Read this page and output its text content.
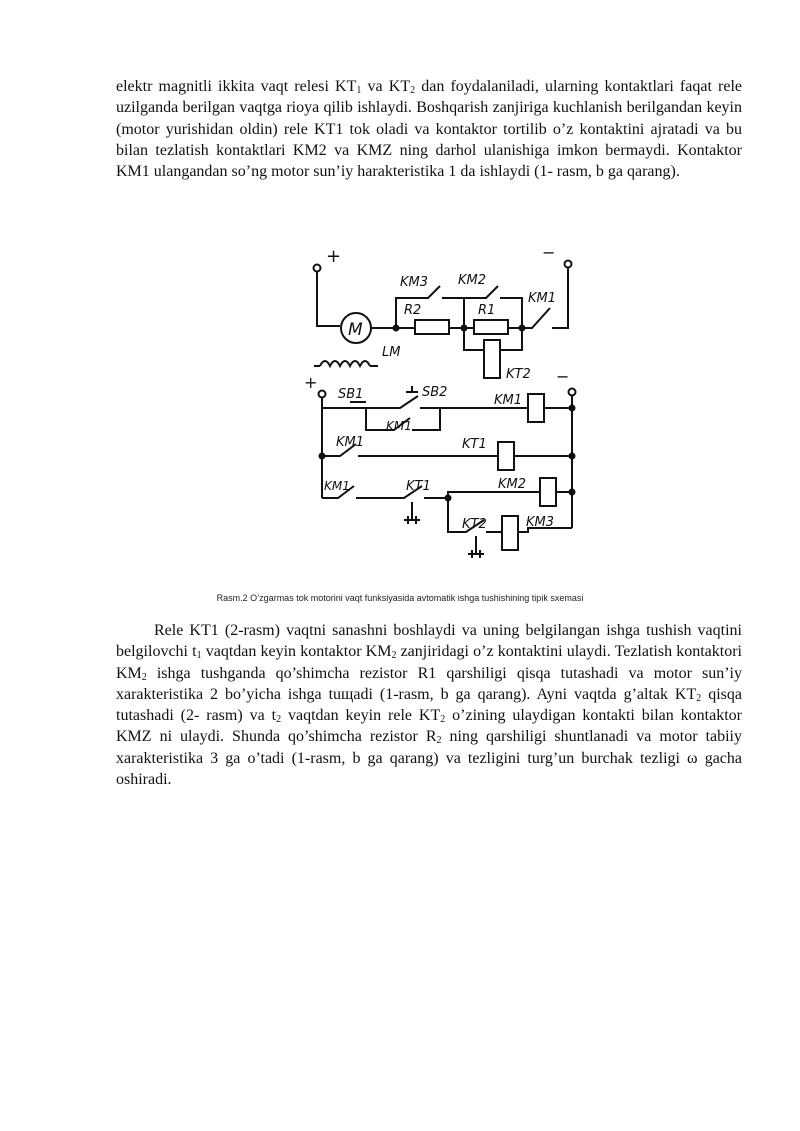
elektr magnitli ikkita vaqt relesi $KT_1$ va $KT_2$ dan foydalaniladi, ularning kontaktlari faqat rele uzilganda berilgan vaqtga rioya qilib ishlaydi. Boshqarish zanjiriga kuchlanish berilgandan keyin (motor yurishidan oldin) rele KT1 tok oladi va kontaktor tortilib o’z kontaktini ajratadi va bu bilan tezlatish kontaktlari KM2 va KMZ ning darhol ulanishiga imkon bermaydi. Kontaktor KM1 ulangandan so’ng motor sun’iy harakteristika 1 da ishlaydi (1- rasm, b ga qarang).
+	−
M
R2	R1
KM1
KM3 KM2
KT2
LM
+	−
SB1	SB2
KM1
KM1
KM1	KT1
KM1	KT1	KM2
KT2	KM3
Rasm.2 O’zgarmas tok motorini vaqt funksiyasida avtomatik ishga tushishining tipik sxemasi
Rele KT1 (2-rasm) vaqtni sanashni boshlaydi va uning belgilangan ishga tushish vaqtini belgilovchi $t_1$ vaqtdan keyin kontaktor $KM_2$ zanjiridagi o’z kontaktini ulaydi. Tezlatish kontaktori $KM_2$ ishga tushganda qo’shimcha rezistor R1 qarshiligi qisqa tutashadi va motor sun’iy xarakteristika 2 bo’yicha ishga tuщadi (1-rasm, b ga qarang). Ayni vaqtda g’altak $KT_2$ qisqa tutashadi (2- rasm) va $t_2$ vaqtdan keyin rele $KT_2$ o’zining ulaydigan kontakti bilan kontaktor KMZ ni ulaydi. Shunda qo’shimcha rezistor $R_2$ ning qarshiligi shuntlanadi va motor tabiiy xarakteristika 3 ga o’tadi (1-rasm, b ga qarang) va tezligini turg’un burchak tezligi ω gacha oshiradi.
